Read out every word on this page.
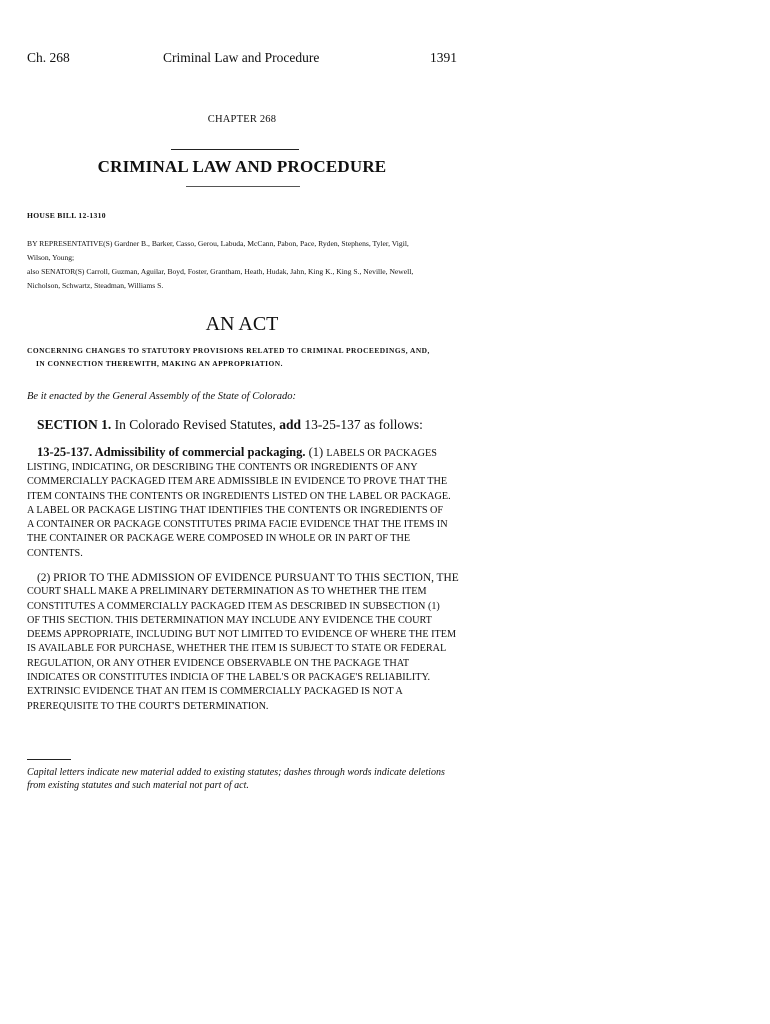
Ch. 268	Criminal Law and Procedure	1391
CHAPTER 268
CRIMINAL LAW AND PROCEDURE
HOUSE BILL 12-1310
BY REPRESENTATIVE(S) Gardner B., Barker, Casso, Gerou, Labuda, McCann, Pabon, Pace, Ryden, Stephens, Tyler, Vigil,
Wilson, Young;
also SENATOR(S) Carroll, Guzman, Aguilar, Boyd, Foster, Grantham, Heath, Hudak, Jahn, King K., King S., Neville, Newell,
Nicholson, Schwartz, Steadman, Williams S.
AN ACT
CONCERNING CHANGES TO STATUTORY PROVISIONS RELATED TO CRIMINAL PROCEEDINGS, AND,
IN CONNECTION THEREWITH, MAKING AN APPROPRIATION.
Be it enacted by the General Assembly of the State of Colorado:
SECTION 1. In Colorado Revised Statutes, add 13-25-137 as follows:
13-25-137. Admissibility of commercial packaging. (1) LABELS OR PACKAGES
LISTING, INDICATING, OR DESCRIBING THE CONTENTS OR INGREDIENTS OF ANY
COMMERCIALLY PACKAGED ITEM ARE ADMISSIBLE IN EVIDENCE TO PROVE THAT THE
ITEM CONTAINS THE CONTENTS OR INGREDIENTS LISTED ON THE LABEL OR PACKAGE.
A LABEL OR PACKAGE LISTING THAT IDENTIFIES THE CONTENTS OR INGREDIENTS OF
A CONTAINER OR PACKAGE CONSTITUTES PRIMA FACIE EVIDENCE THAT THE ITEMS IN
THE CONTAINER OR PACKAGE WERE COMPOSED IN WHOLE OR IN PART OF THE
CONTENTS.
(2) PRIOR TO THE ADMISSION OF EVIDENCE PURSUANT TO THIS SECTION, THE
COURT SHALL MAKE A PRELIMINARY DETERMINATION AS TO WHETHER THE ITEM
CONSTITUTES A COMMERCIALLY PACKAGED ITEM AS DESCRIBED IN SUBSECTION (1)
OF THIS SECTION. THIS DETERMINATION MAY INCLUDE ANY EVIDENCE THE COURT
DEEMS APPROPRIATE, INCLUDING BUT NOT LIMITED TO EVIDENCE OF WHERE THE ITEM
IS AVAILABLE FOR PURCHASE, WHETHER THE ITEM IS SUBJECT TO STATE OR FEDERAL
REGULATION, OR ANY OTHER EVIDENCE OBSERVABLE ON THE PACKAGE THAT
INDICATES OR CONSTITUTES INDICIA OF THE LABEL'S OR PACKAGE'S RELIABILITY.
EXTRINSIC EVIDENCE THAT AN ITEM IS COMMERCIALLY PACKAGED IS NOT A
PREREQUISITE TO THE COURT'S DETERMINATION.
Capital letters indicate new material added to existing statutes; dashes through words indicate deletions
from existing statutes and such material not part of act.
